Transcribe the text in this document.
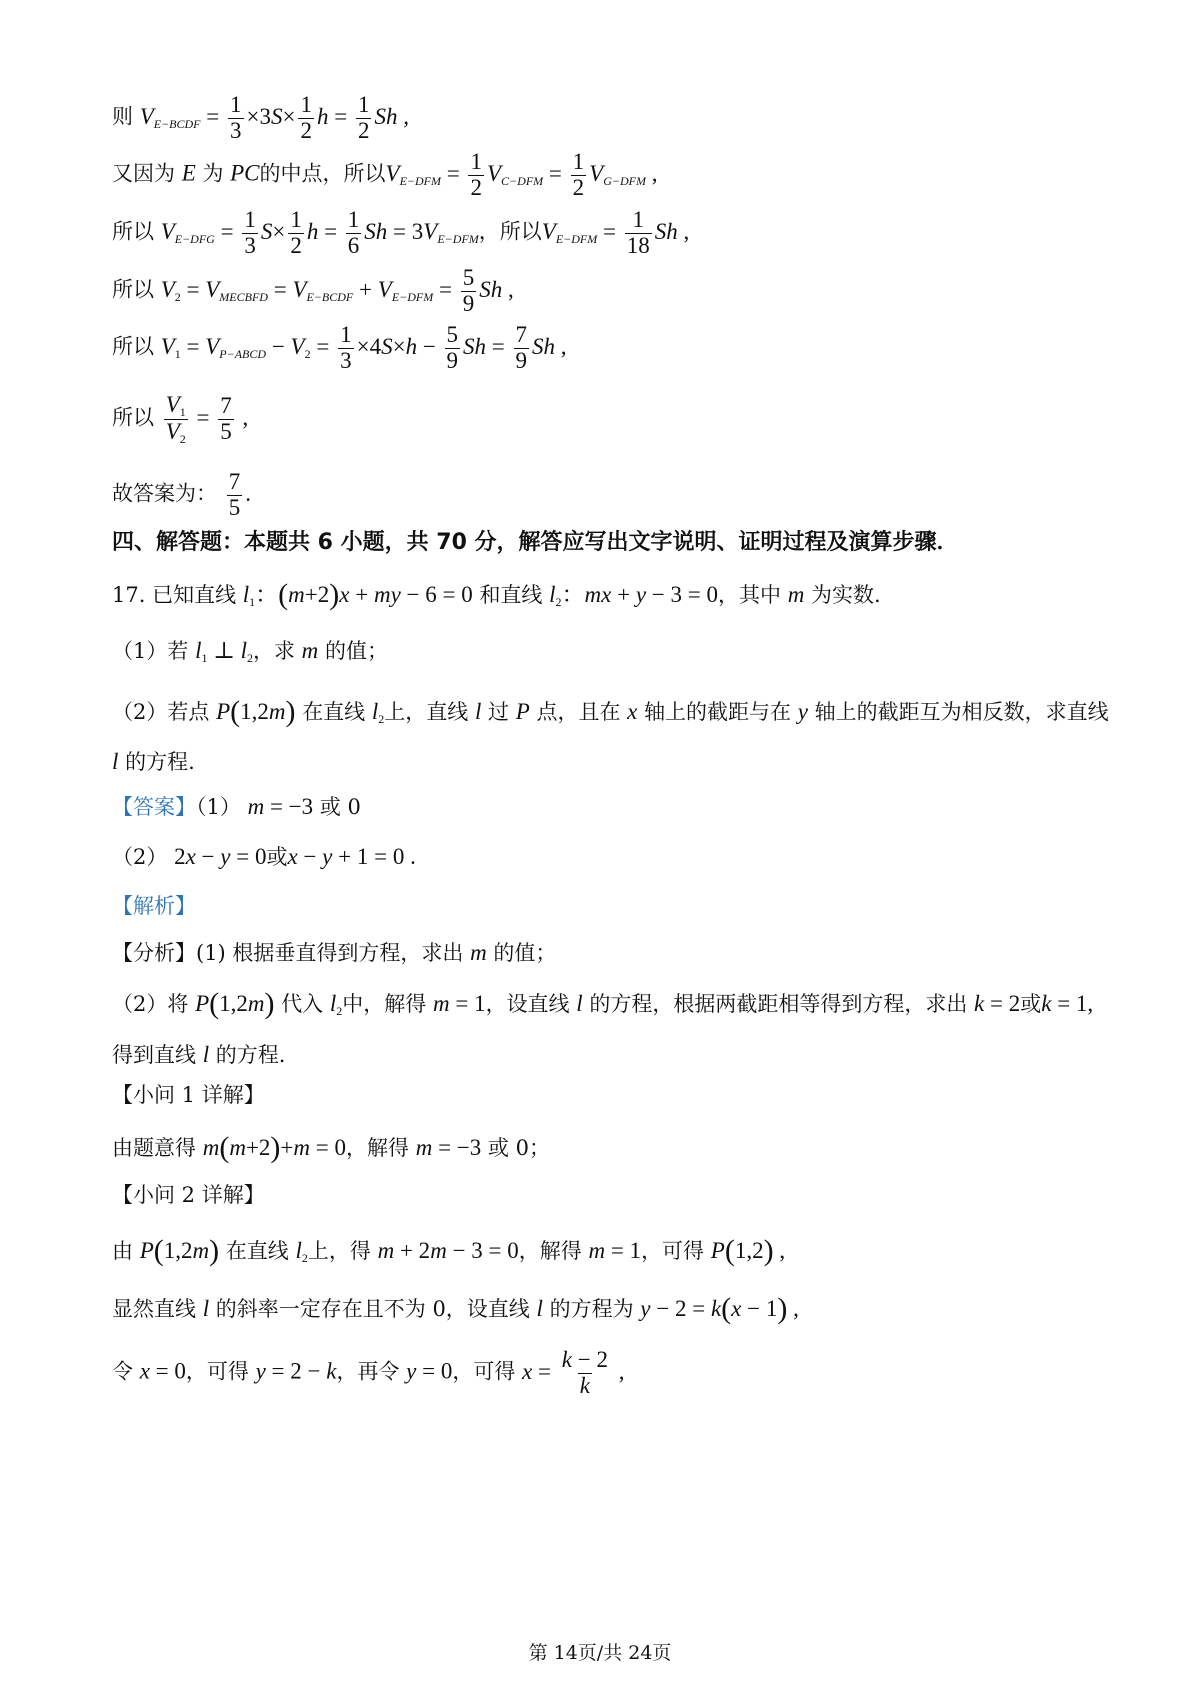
则 $V_{E-BCDF} = \frac{1}{3} \times 3S\times \frac{1}{2}$ $h = \frac{1}{2}$ Sh ,
又因为 E 为 PC的中点，所以$V_{E-DFM} = \frac{1}{2} V_{C-DFM} = \frac{1}{2} V_{G-DFM}$ ,
所以 $V_{E-DFG} = \frac{1}{3} S\times \frac{1}{2}$ $h = \frac{1}{6}$ $Sh = 3V_{E-DFM}$，所以$V_{E-DFM} = \frac{1}{18}$ Sh ,
所以 $V_2 = V_{MECBFD} = V_{E-BCDF} + V_{E-DFM} = \frac{5}{9}$ Sh ,
所以 $V_1 = V_{P-ABCD} - V_2 = \frac{1}{3} \times 4S\times h - \frac{5}{9}$ $Sh = \frac{7}{9}$ Sh ,
所以 $\frac{V_1}{V_2} = \frac{7}{5}$ ,
故答案为： $\frac{7}{5}$ .
四、解答题：本题共 6 小题，共 70 分，解答应写出文字说明、证明过程及演算步骤．
17. 已知直线 $l_1$：(m+2)x + my − 6 = 0 和直线 $l_2$：mx + y − 3 = 0，其中 m 为实数.
（1）若 $l_1$ ⊥ $l_2$，求 m 的值；
（2）若点 P(1,2m) 在直线 $l_2$上，直线 l 过 P 点，且在 x 轴上的截距与在 y 轴上的截距互为相反数，求直线
l 的方程.
【答案】（1） m = −3 或 0
（2） 2x − y = 0或x − y + 1 = 0 .
【解析】
【分析】(1) 根据垂直得到方程，求出 m 的值；
（2）将 P(1,2m) 代入 $l_2$中，解得 m = 1，设直线 l 的方程，根据两截距相等得到方程，求出 k = 2或k = 1,
得到直线 l 的方程.
【小问 1 详解】
由题意得 m(m+2)+m = 0，解得 m = −3 或 0；
【小问 2 详解】
由 P(1,2m) 在直线 $l_2$上，得 m + 2m − 3 = 0，解得 m = 1，可得 P(1,2) ,
显然直线 l 的斜率一定存在且不为 0，设直线 l 的方程为 y − 2 = k(x − 1) ,
令 x = 0，可得 y = 2 − k，再令 y = 0，可得 $x = \frac{k - 2}{k}$ ,
第 14页/共 24页
